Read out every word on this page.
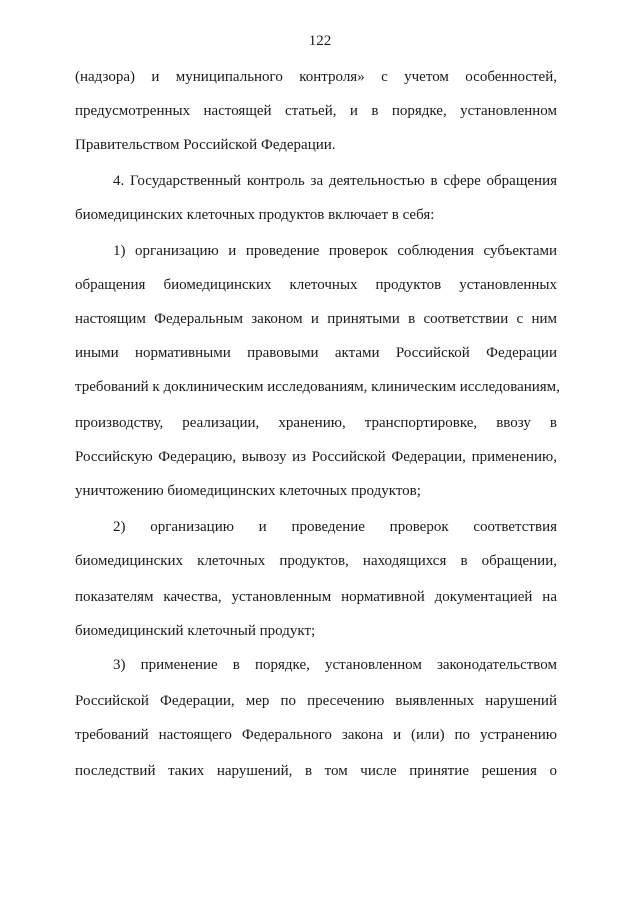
122
(надзора) и муниципального контроля» с учетом особенностей,
предусмотренных настоящей статьей, и в порядке, установленном
Правительством Российской Федерации.
4. Государственный контроль за деятельностью в сфере обращения
биомедицинских клеточных продуктов включает в себя:
1) организацию и проведение проверок соблюдения субъектами
обращения биомедицинских клеточных продуктов установленных
настоящим Федеральным законом и принятыми в соответствии с ним
иными нормативными правовыми актами Российской Федерации
требований к доклиническим исследованиям, клиническим исследованиям,
производству, реализации, хранению, транспортировке, ввозу в
Российскую Федерацию, вывозу из Российской Федерации, применению,
уничтожению биомедицинских клеточных продуктов;
2) организацию и проведение проверок соответствия
биомедицинских клеточных продуктов, находящихся в обращении,
показателям качества, установленным нормативной документацией на
биомедицинский клеточный продукт;
3) применение в порядке, установленном законодательством
Российской Федерации, мер по пресечению выявленных нарушений
требований настоящего Федерального закона и (или) по устранению
последствий таких нарушений, в том числе принятие решения о
